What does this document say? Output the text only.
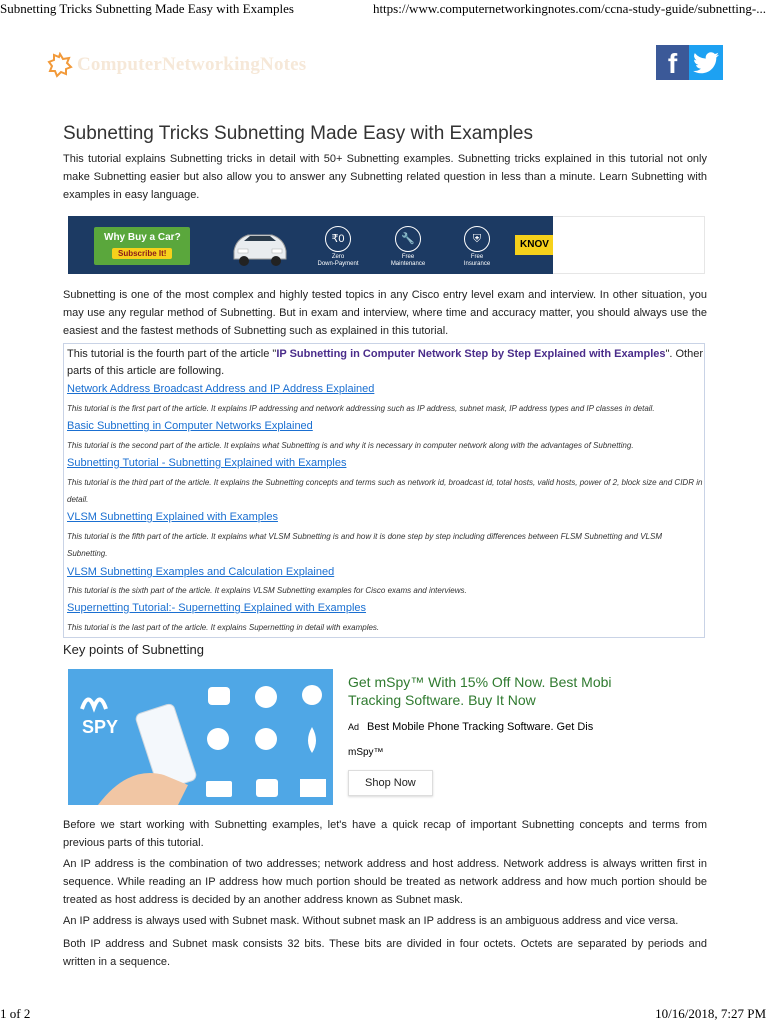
Subnetting Tricks Subnetting Made Easy with Examples	https://www.computernetworkingnotes.com/ccna-study-guide/subnetting-...
ComputerNetworkingNotes	f
Subnetting Tricks Subnetting Made Easy with Examples

This tutorial explains Subnetting tricks in detail with 50+ Subnetting examples. Subnetting tricks explained in this tutorial not only make Subnetting easier but also allow you to answer any Subnetting related question in less than a minute. Learn Subnetting with examples in easy language.

Why Buy a Car?
Subscribe It!
₹0
Zero
Down-Payment
🔧
Free
Maintenance
⛨
Free
Insurance
KNOV

Subnetting is one of the most complex and highly tested topics in any Cisco entry level exam and interview. In other situation, you may use any regular method of Subnetting. But in exam and interview, where time and accuracy matter, you should always use the easiest and the fastest methods of Subnetting such as explained in this tutorial.

This tutorial is the fourth part of the article "IP Subnetting in Computer Network Step by Step Explained with Examples". Other parts of this article are following.
Network Address Broadcast Address and IP Address Explained
This tutorial is the first part of the article. It explains IP addressing and network addressing such as IP address, subnet mask, IP address types and IP classes in detail.
Basic Subnetting in Computer Networks Explained
This tutorial is the second part of the article. It explains what Subnetting is and why it is necessary in computer network along with the advantages of Subnetting.
Subnetting Tutorial - Subnetting Explained with Examples
This tutorial is the third part of the article. It explains the Subnetting concepts and terms such as network id, broadcast id, total hosts, valid hosts, power of 2, block size and CIDR in detail.
VLSM Subnetting Explained with Examples
This tutorial is the fifth part of the article. It explains what VLSM Subnetting is and how it is done step by step including differences between FLSM Subnetting and VLSM Subnetting.
VLSM Subnetting Examples and Calculation Explained
This tutorial is the sixth part of the article. It explains VLSM Subnetting examples for Cisco exams and interviews.
Supernetting Tutorial:- Supernetting Explained with Examples
This tutorial is the last part of the article. It explains Supernetting in detail with examples.
Key points of Subnetting
SPY
Get mSpy™ With 15% Off Now. Best Mobi
Tracking Software. Buy It Now
Ad Best Mobile Phone Tracking Software. Get Dis
mSpy™
Shop Now

Before we start working with Subnetting examples, let's have a quick recap of important Subnetting concepts and terms from previous parts of this tutorial.

An IP address is the combination of two addresses; network address and host address. Network address is always written first in sequence. While reading an IP address how much portion should be treated as network address and how much portion should be treated as host address is decided by an another address known as Subnet mask.

An IP address is always used with Subnet mask. Without subnet mask an IP address is an ambiguous address and vice versa.

Both IP address and Subnet mask consists 32 bits. These bits are divided in four octets. Octets are separated by periods and written in a sequence.

1 of 2	10/16/2018, 7:27 PM
